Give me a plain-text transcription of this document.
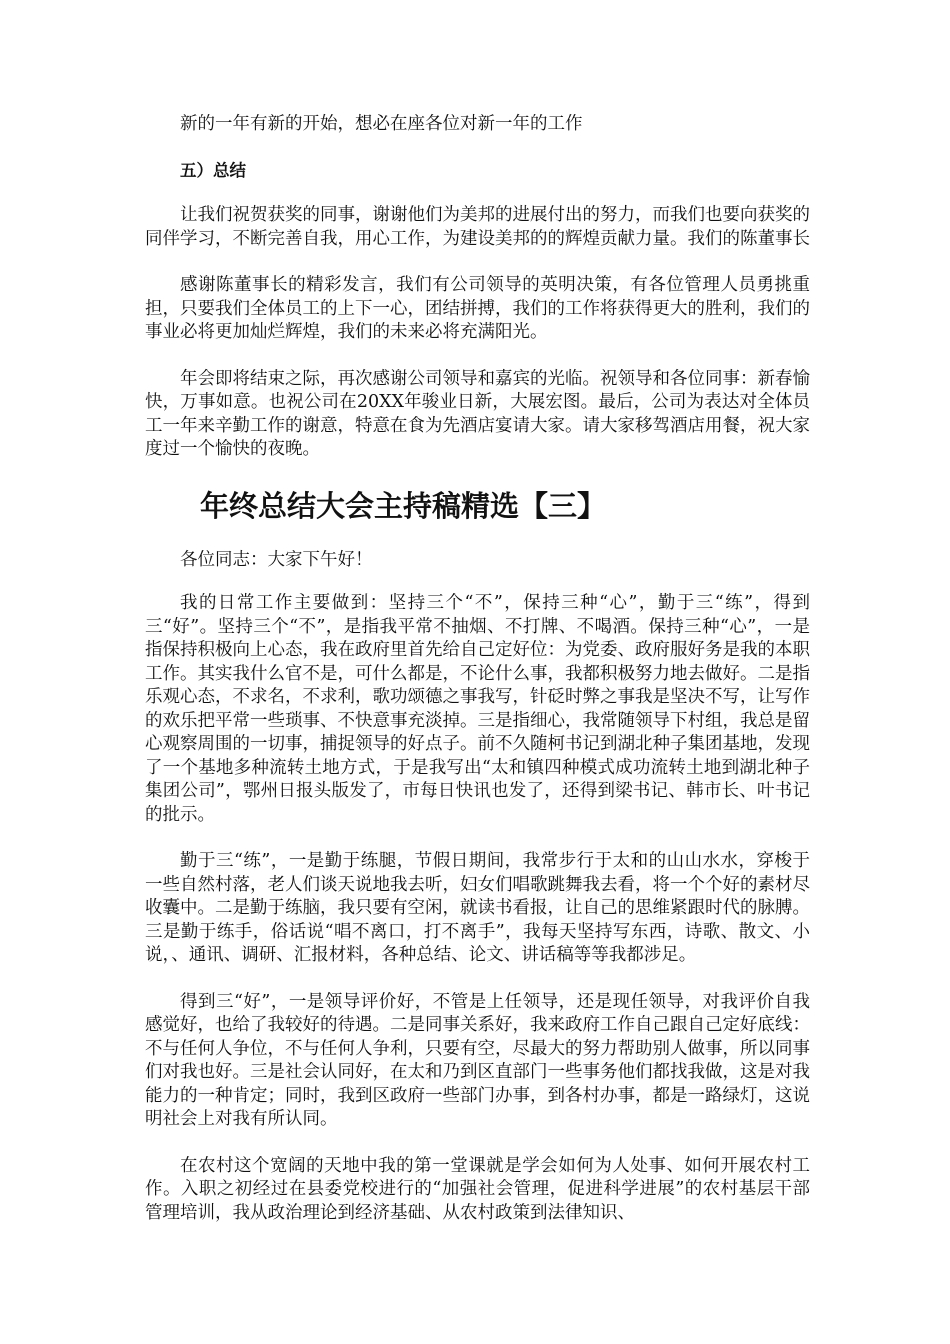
新的一年有新的开始，想必在座各位对新一年的工作

五）总结

让我们祝贺获奖的同事，谢谢他们为美邦的进展付出的努力，而我们也要向获奖的同伴学习，不断完善自我，用心工作，为建设美邦的的辉煌贡献力量。我们的陈董事长

感谢陈董事长的精彩发言，我们有公司领导的英明决策，有各位管理人员勇挑重担，只要我们全体员工的上下一心，团结拼搏，我们的工作将获得更大的胜利，我们的事业必将更加灿烂辉煌，我们的未来必将充满阳光。

年会即将结束之际，再次感谢公司领导和嘉宾的光临。祝领导和各位同事：新春愉快，万事如意。也祝公司在20XX年骏业日新，大展宏图。最后，公司为表达对全体员工一年来辛勤工作的谢意，特意在食为先酒店宴请大家。请大家移驾酒店用餐，祝大家度过一个愉快的夜晚。

年终总结大会主持稿精选【三】

各位同志：大家下午好！

我的日常工作主要做到：坚持三个“不”，保持三种“心”，勤于三“练”，得到三“好”。坚持三个“不”，是指我平常不抽烟、不打牌、不喝酒。保持三种“心”，一是指保持积极向上心态，我在政府里首先给自己定好位：为党委、政府服好务是我的本职工作。其实我什么官不是，可什么都是，不论什么事，我都积极努力地去做好。二是指乐观心态，不求名，不求利，歌功颂德之事我写，针砭时弊之事我是坚决不写，让写作的欢乐把平常一些琐事、不快意事充淡掉。三是指细心，我常随领导下村组，我总是留心观察周围的一切事，捕捉领导的好点子。前不久随柯书记到湖北种子集团基地，发现了一个基地多种流转土地方式，于是我写出“太和镇四种模式成功流转土地到湖北种子集团公司”，鄂州日报头版发了，市每日快讯也发了，还得到梁书记、韩市长、叶书记的批示。

勤于三“练”，一是勤于练腿，节假日期间，我常步行于太和的山山水水，穿梭于一些自然村落，老人们谈天说地我去听，妇女们唱歌跳舞我去看，将一个个好的素材尽收囊中。二是勤于练脑，我只要有空闲，就读书看报，让自己的思维紧跟时代的脉膊。三是勤于练手，俗话说“唱不离口，打不离手”，我每天坚持写东西，诗歌、散文、小说，、通讯、调研、汇报材料，各种总结、论文、讲话稿等等我都涉足。

得到三“好”，一是领导评价好，不管是上任领导，还是现任领导，对我评价自我感觉好，也给了我较好的待遇。二是同事关系好，我来政府工作自己跟自己定好底线：不与任何人争位，不与任何人争利，只要有空，尽最大的努力帮助别人做事，所以同事们对我也好。三是社会认同好，在太和乃到区直部门一些事务他们都找我做，这是对我能力的一种肯定；同时，我到区政府一些部门办事，到各村办事，都是一路绿灯，这说明社会上对我有所认同。

在农村这个宽阔的天地中我的第一堂课就是学会如何为人处事、如何开展农村工作。入职之初经过在县委党校进行的“加强社会管理，促进科学进展”的农村基层干部管理培训，我从政治理论到经济基础、从农村政策到法律知识、
